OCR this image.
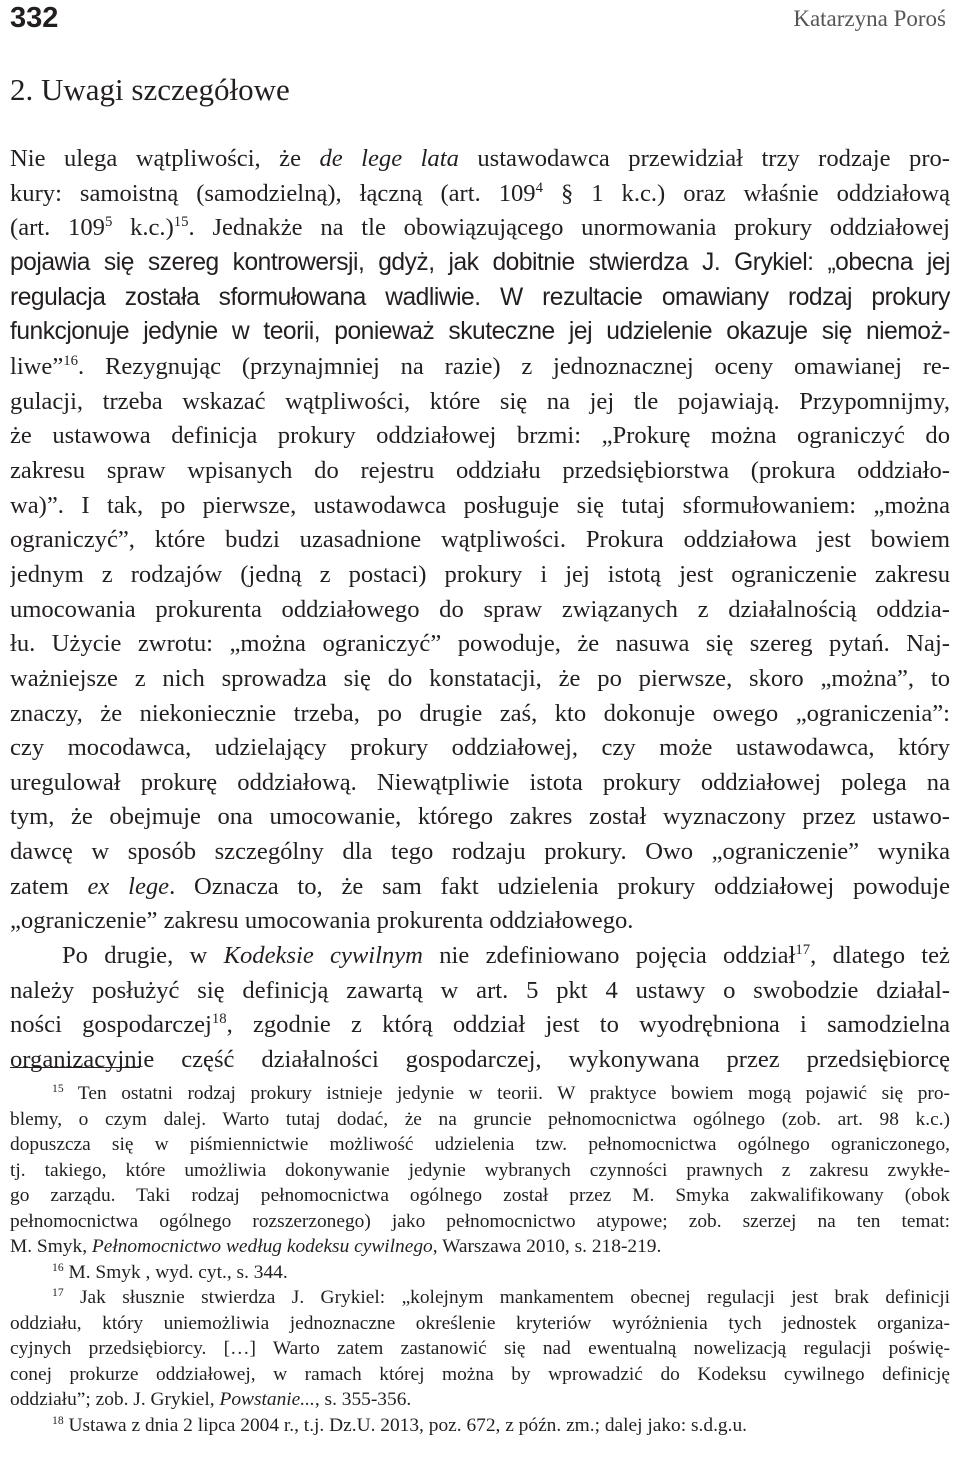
332	Katarzyna Poroś
2. Uwagi szczegółowe

Nie ulega wątpliwości, że de lege lata ustawodawca przewidział trzy rodzaje pro-
kury: samoistną (samodzielną), łączną (art. $109^4$ § 1 k.c.) oraz właśnie oddziałową
(art. $109^5$ k.c.)$^{15}$. Jednakże na tle obowiązującego unormowania prokury oddziałowej
pojawia się szereg kontrowersji, gdyż, jak dobitnie stwierdza J. Grykiel: „obecna jej
regulacja została sformułowana wadliwie. W rezultacie omawiany rodzaj prokury
funkcjonuje jedynie w teorii, ponieważ skuteczne jej udzielenie okazuje się niemoż-
liwe”$^{16}$. Rezygnując (przynajmniej na razie) z jednoznacznej oceny omawianej re-
gulacji, trzeba wskazać wątpliwości, które się na jej tle pojawiają. Przypomnijmy,
że ustawowa definicja prokury oddziałowej brzmi: „Prokurę można ograniczyć do
zakresu spraw wpisanych do rejestru oddziału przedsiębiorstwa (prokura oddziało-
wa)”. I tak, po pierwsze, ustawodawca posługuje się tutaj sformułowaniem: „można
ograniczyć”, które budzi uzasadnione wątpliwości. Prokura oddziałowa jest bowiem
jednym z rodzajów (jedną z postaci) prokury i jej istotą jest ograniczenie zakresu
umocowania prokurenta oddziałowego do spraw związanych z działalnością oddzia-
łu. Użycie zwrotu: „można ograniczyć” powoduje, że nasuwa się szereg pytań. Naj-
ważniejsze z nich sprowadza się do konstatacji, że po pierwsze, skoro „można”, to
znaczy, że niekoniecznie trzeba, po drugie zaś, kto dokonuje owego „ograniczenia”:
czy mocodawca, udzielający prokury oddziałowej, czy może ustawodawca, który
uregulował prokurę oddziałową. Niewątpliwie istota prokury oddziałowej polega na
tym, że obejmuje ona umocowanie, którego zakres został wyznaczony przez ustawo-
dawcę w sposób szczególny dla tego rodzaju prokury. Owo „ograniczenie” wynika
zatem ex lege. Oznacza to, że sam fakt udzielenia prokury oddziałowej powoduje
„ograniczenie” zakresu umocowania prokurenta oddziałowego.

Po drugie, w Kodeksie cywilnym nie zdefiniowano pojęcia oddział$^{17}$, dlatego też
należy posłużyć się definicją zawartą w art. 5 pkt 4 ustawy o swobodzie działal-
ności gospodarczej$^{18}$, zgodnie z którą oddział jest to wyodrębniona i samodzielna
organizacyjnie część działalności gospodarczej, wykonywana przez przedsiębiorcę

$^{15}$ Ten ostatni rodzaj prokury istnieje jedynie w teorii. W praktyce bowiem mogą pojawić się pro-
blemy, o czym dalej. Warto tutaj dodać, że na gruncie pełnomocnictwa ogólnego (zob. art. 98 k.c.)
dopuszcza się w piśmiennictwie możliwość udzielenia tzw. pełnomocnictwa ogólnego ograniczonego,
tj. takiego, które umożliwia dokonywanie jedynie wybranych czynności prawnych z zakresu zwykłe-
go zarządu. Taki rodzaj pełnomocnictwa ogólnego został przez M. Smyka zakwalifikowany (obok
pełnomocnictwa ogólnego rozszerzonego) jako pełnomocnictwo atypowe; zob. szerzej na ten temat:
M. Smyk, Pełnomocnictwo według kodeksu cywilnego, Warszawa 2010, s. 218-219.

$^{16}$ M. Smyk , wyd. cyt., s. 344.

$^{17}$ Jak słusznie stwierdza J. Grykiel: „kolejnym mankamentem obecnej regulacji jest brak definicji
oddziału, który uniemożliwia jednoznaczne określenie kryteriów wyróżnienia tych jednostek organiza-
cyjnych przedsiębiorcy. […] Warto zatem zastanowić się nad ewentualną nowelizacją regulacji poświę-
conej prokurze oddziałowej, w ramach której można by wprowadzić do Kodeksu cywilnego definicję
oddziału”; zob. J. Grykiel, Powstanie..., s. 355-356.

$^{18}$ Ustawa z dnia 2 lipca 2004 r., t.j. Dz.U. 2013, poz. 672, z późn. zm.; dalej jako: s.d.g.u.
